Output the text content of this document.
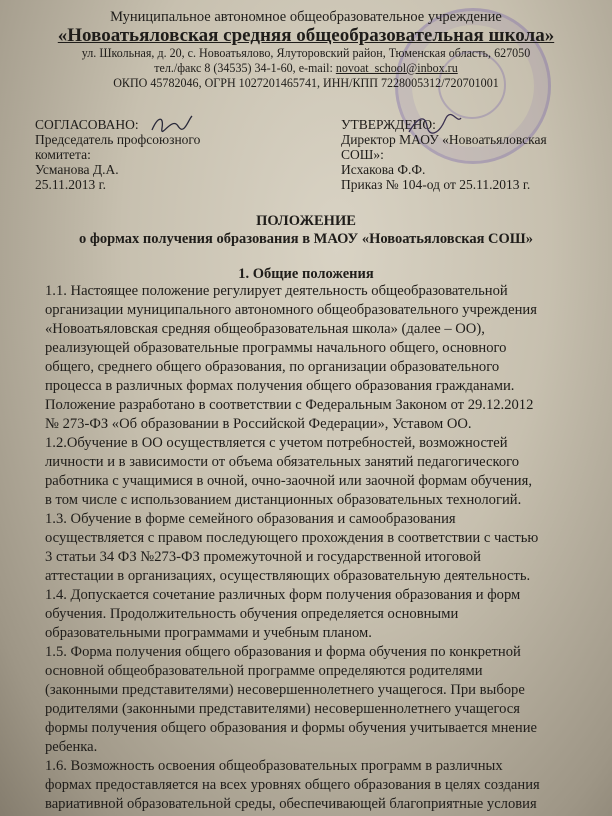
Муниципальное автономное общеобразовательное учреждение
«Новоатьяловская средняя общеобразовательная школа»
ул. Школьная, д. 20, с. Новоатьялово, Ялуторовский район, Тюменская область, 627050
тел./факс 8 (34535) 34-1-60, e-mail: novoat_school@inbox.ru
ОКПО 45782046, ОГРН 1027201465741, ИНН/КПП 7228005312/720701001
СОГЛАСОВАНО:
Председатель профсоюзного
комитета:
Усманова Д.А.
25.11.2013 г.
УТВЕРЖДЕНО:
Директор МАОУ «Новоатьяловская
СОШ»:
Исхакова Ф.Ф.
Приказ № 104-од от 25.11.2013 г.
ПОЛОЖЕНИЕ
о формах получения образования в МАОУ «Новоатьяловская СОШ»
1. Общие положения
1.1. Настоящее положение регулирует деятельность общеобразовательной
организации муниципального автономного общеобразовательного учреждения
«Новоатьяловская средняя общеобразовательная школа» (далее – ОО),
реализующей образовательные программы начального общего, основного
общего, среднего общего образования, по организации образовательного
процесса в различных формах получения общего образования гражданами.
Положение разработано в соответствии с Федеральным Законом от 29.12.2012
№ 273-ФЗ «Об образовании в Российской Федерации», Уставом ОО.
1.2.Обучение в ОО осуществляется с учетом потребностей, возможностей
личности и в зависимости от объема обязательных занятий педагогического
работника с учащимися в очной, очно-заочной или заочной формам обучения,
в том числе с использованием дистанционных образовательных технологий.
1.3. Обучение в форме семейного образования и самообразования
осуществляется с правом последующего прохождения в соответствии с частью
3 статьи 34 ФЗ №273-ФЗ промежуточной и государственной итоговой
аттестации в организациях, осуществляющих образовательную деятельность.
1.4. Допускается сочетание различных форм получения образования и форм
обучения. Продолжительность обучения определяется основными
образовательными программами и учебным планом.
1.5. Форма получения общего образования и форма обучения по конкретной
основной общеобразовательной программе определяются родителями
(законными представителями) несовершеннолетнего учащегося. При выборе
родителями (законными представителями) несовершеннолетнего учащегося
формы получения общего образования и формы обучения учитывается мнение
ребенка.
1.6. Возможность освоения общеобразовательных программ в различных
формах предоставляется на всех уровнях общего образования в целях создания
вариативной образовательной среды, обеспечивающей благоприятные условия
